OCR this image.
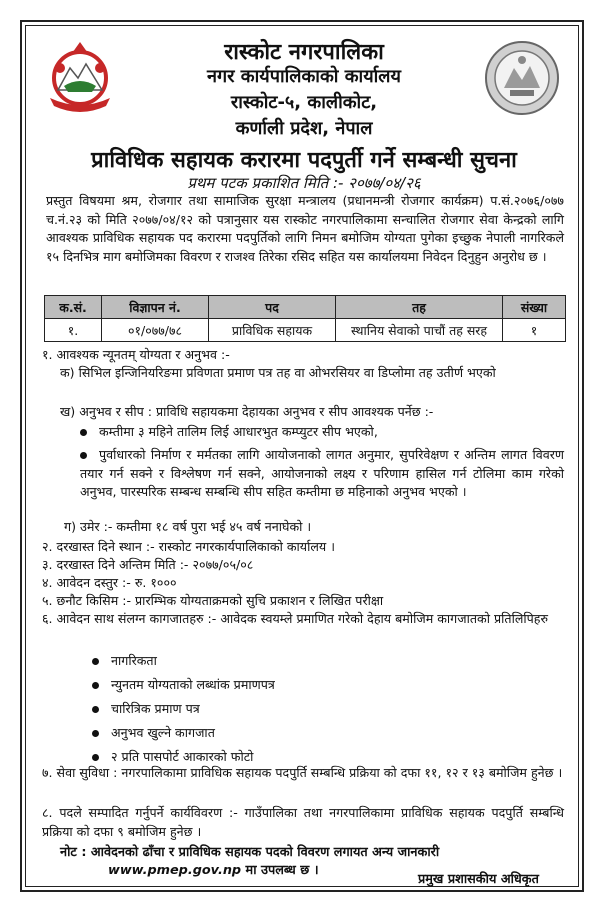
रास्कोट नगरपालिका
नगर कार्यपालिकाको कार्यालय
रास्कोट-५, कालीकोट,
कर्णाली प्रदेश, नेपाल
प्राविधिक सहायक करारमा पदपुर्ती गर्ने सम्बन्धी सुचना
प्रथम पटक प्रकाशित मिति :- २०७७/०४/२६
प्रस्तुत विषयमा श्रम, रोजगार तथा सामाजिक सुरक्षा मन्त्रालय (प्रधानमन्त्री रोजगार कार्यक्रम) प.सं.२०७६/०७७ च.नं.२३ को मिति २०७७/०४/१२ को पत्रानुसार यस रास्कोट नगरपालिकामा सन्चालित रोजगार सेवा केन्द्रको लागि आवश्यक प्राविधिक सहायक पद करारमा पदपुर्तिको लागि निमन बमोजिम योग्यता पुगेका इच्छुक नेपाली नागरिकले १५ दिनभित्र माग बमोजिमका विवरण र राजश्व तिरेका रसिद सहित यस कार्यालयमा निवेदन दिनुहुन अनुरोध छ ।
क.सं.	विज्ञापन नं.	पद	तह	संख्या
१.	०१/०७७/७८	प्राविधिक सहायक	स्थानिय सेवाको पाचौं तह सरह	१
१. आवश्यक न्यूनतम् योग्यता र अनुभव :-
क) सिभिल इन्जिनियरिङमा प्रविणता प्रमाण पत्र तह वा ओभरसियर वा डिप्लोमा तह उतीर्ण भएको
ख) अनुभव र सीप : प्राविधि सहायकमा देहायका अनुभव र सीप आवश्यक पर्नेछ :-
कम्तीमा ३ महिने तालिम लिई आधारभुत कम्प्युटर सीप भएको,
पुर्वाधारको निर्माण र मर्मतका लागि आयोजनाको लागत अनुमार, सुपरिवेक्षण र अन्तिम लागत विवरण तयार गर्न सक्ने र विश्लेषण गर्न सक्ने, आयोजनाको लक्ष्य र परिणाम हासिल गर्न टोलिमा काम गरेको अनुभव, पारस्परिक सम्बन्ध सम्बन्धि सीप सहित कम्तीमा छ महिनाको अनुभव भएको ।
ग) उमेर :- कम्तीमा १८ वर्ष पुरा भई ४५ वर्ष ननाघेको ।
२. दरखास्त दिने स्थान :- रास्कोट नगरकार्यपालिकाको कार्यालय ।
३. दरखास्त दिने अन्तिम मिति :- २०७७/०५/०८
४. आवेदन दस्तुर :- रु. १०००
५. छनौट किसिम :- प्रारम्भिक योग्यताक्रमको सुचि प्रकाशन र लिखित परीक्षा
६. आवेदन साथ संलग्न कागजातहरु :- आवेदक स्वयम्ले प्रमाणित गरेको देहाय बमोजिम कागजातको प्रतिलिपिहरु
नागरिकता
न्युनतम योग्यताको लब्धांक प्रमाणपत्र
चारित्रिक प्रमाण पत्र
अनुभव खुल्ने कागजात
२ प्रति पासपोर्ट आकारको फोटो
७. सेवा सुविधा : नगरपालिकामा प्राविधिक सहायक पदपुर्ति सम्बन्धि प्रक्रिया को दफा ११, १२ र १३ बमोजिम हुनेछ ।
८. पदले सम्पादित गर्नुपर्ने कार्यविवरण :- गाउँपालिका तथा नगरपालिकामा प्राविधिक सहायक पदपुर्ति सम्बन्धि प्रक्रिया को दफा ९ बमोजिम हुनेछ ।
नोट : आवेदनको ढाँचा र प्राविधिक सहायक पदको विवरण लगायत अन्य जानकारी
www.pmep.gov.np मा उपलब्ध छ ।
प्रमुख प्रशासकीय अधिकृत
